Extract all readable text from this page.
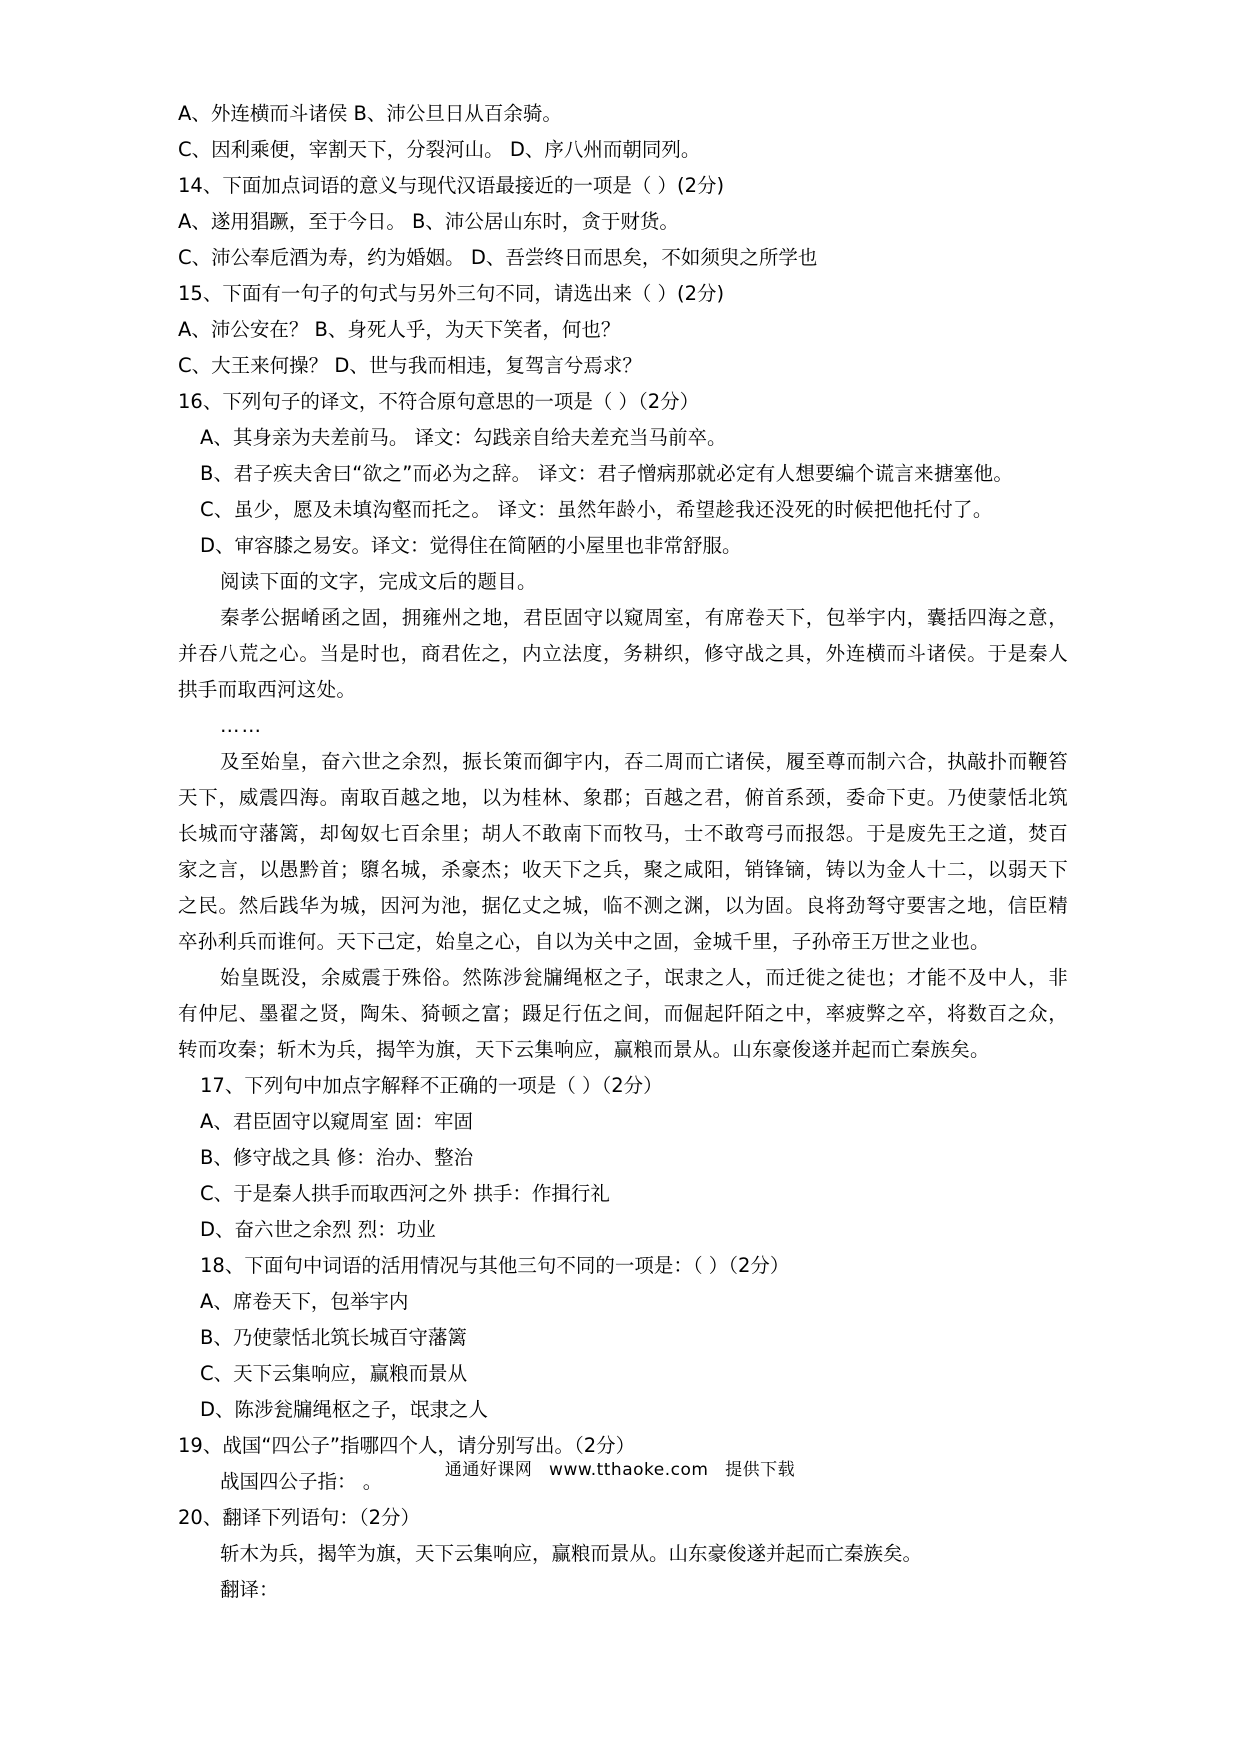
A、外连横而斗诸侯 B、沛公旦日从百余骑。
C、因利乘便，宰割天下，分裂河山。 D、序八州而朝同列。
14、下面加点词语的意义与现代汉语最接近的一项是（ ）(2分)
A、遂用猖蹶，至于今日。 B、沛公居山东时，贪于财货。
C、沛公奉卮酒为寿，约为婚姻。 D、吾尝终日而思矣，不如须臾之所学也
15、下面有一句子的句式与另外三句不同，请选出来（ ）(2分)
A、沛公安在？ B、身死人乎，为天下笑者，何也？
C、大王来何操？ D、世与我而相违，复驾言兮焉求？
16、下列句子的译文，不符合原句意思的一项是（ ）（2分）
A、其身亲为夫差前马。 译文：勾践亲自给夫差充当马前卒。
B、君子疾夫舍曰“欲之”而必为之辞。 译文：君子憎病那就必定有人想要编个谎言来搪塞他。
C、虽少，愿及未填沟壑而托之。 译文：虽然年龄小，希望趁我还没死的时候把他托付了。
D、审容膝之易安。译文：觉得住在简陋的小屋里也非常舒服。
阅读下面的文字，完成文后的题目。
秦孝公据崤函之固，拥雍州之地，君臣固守以窥周室，有席卷天下，包举宇内，囊括四海之意，并吞八荒之心。当是时也，商君佐之，内立法度，务耕织，修守战之具，外连横而斗诸侯。于是秦人拱手而取西河这处。
……
及至始皇，奋六世之余烈，振长策而御宇内，吞二周而亡诸侯，履至尊而制六合，执敲扑而鞭笞天下，威震四海。南取百越之地，以为桂林、象郡；百越之君，俯首系颈，委命下吏。乃使蒙恬北筑长城而守藩篱，却匈奴七百余里；胡人不敢南下而牧马，士不敢弯弓而报怨。于是废先王之道，焚百家之言，以愚黔首；隳名城，杀豪杰；收天下之兵，聚之咸阳，销锋镝，铸以为金人十二，以弱天下之民。然后践华为城，因河为池，据亿丈之城，临不测之渊，以为固。良将劲弩守要害之地，信臣精卒孙利兵而谁何。天下己定，始皇之心，自以为关中之固，金城千里，子孙帝王万世之业也。
始皇既没，余威震于殊俗。然陈涉瓮牖绳枢之子，氓隶之人，而迁徙之徒也；才能不及中人，非有仲尼、墨翟之贤，陶朱、猗顿之富；蹑足行伍之间，而倔起阡陌之中，率疲弊之卒，将数百之众，转而攻秦；斩木为兵，揭竿为旗，天下云集响应，赢粮而景从。山东豪俊遂并起而亡秦族矣。
17、下列句中加点字解释不正确的一项是（ ）（2分）
A、君臣固守以窥周室 固：牢固
B、修守战之具 修：治办、整治
C、于是秦人拱手而取西河之外 拱手：作揖行礼
D、奋六世之余烈 烈：功业
18、下面句中词语的活用情况与其他三句不同的一项是：（ ）（2分）
A、席卷天下，包举宇内
B、乃使蒙恬北筑长城百守藩篱
C、天下云集响应，赢粮而景从
D、陈涉瓮牖绳枢之子，氓隶之人
19、战国“四公子”指哪四个人，请分别写出。（2分）
战国四公子指： 。
20、翻译下列语句：（2分）
斩木为兵，揭竿为旗，天下云集响应，赢粮而景从。山东豪俊遂并起而亡秦族矣。
翻译：
通通好课网 www.tthaoke.com 提供下载
